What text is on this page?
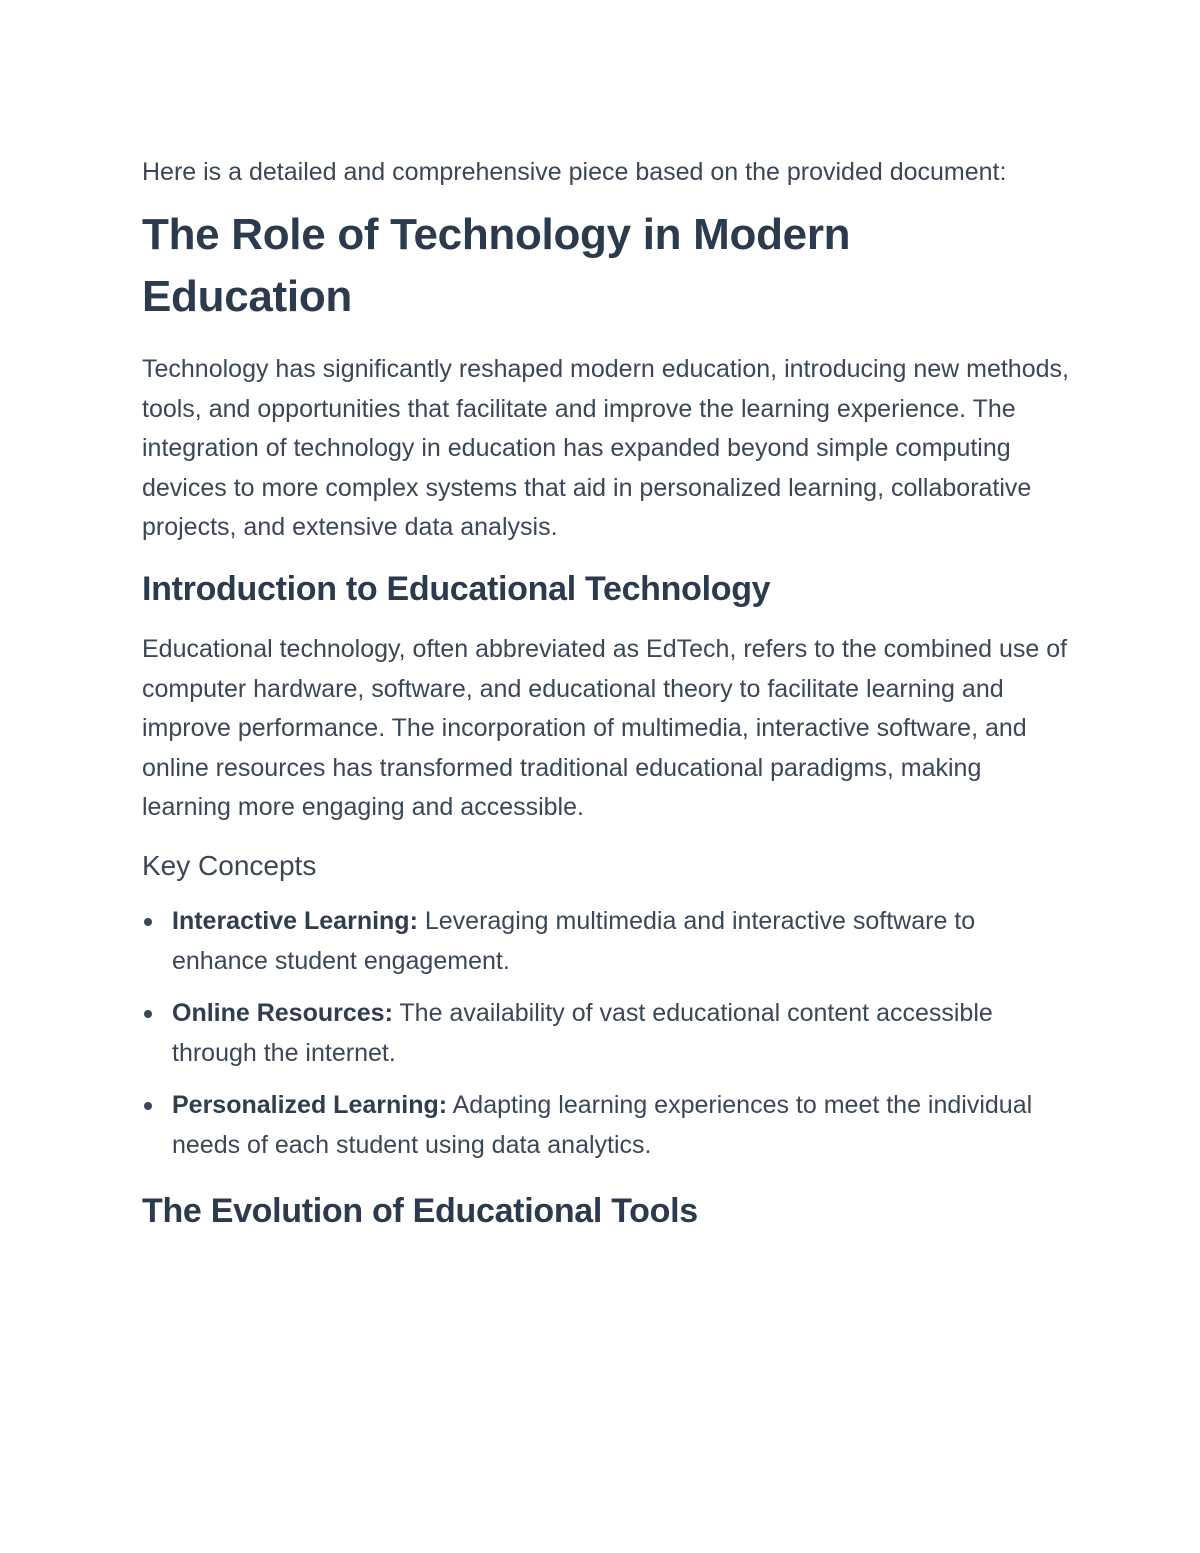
Here is a detailed and comprehensive piece based on the provided document:

The Role of Technology in Modern Education

Technology has significantly reshaped modern education, introducing new methods, tools, and opportunities that facilitate and improve the learning experience. The integration of technology in education has expanded beyond simple computing devices to more complex systems that aid in personalized learning, collaborative projects, and extensive data analysis.

Introduction to Educational Technology

Educational technology, often abbreviated as EdTech, refers to the combined use of computer hardware, software, and educational theory to facilitate learning and improve performance. The incorporation of multimedia, interactive software, and online resources has transformed traditional educational paradigms, making learning more engaging and accessible.

Key Concepts
Interactive Learning: Leveraging multimedia and interactive software to enhance student engagement.
Online Resources: The availability of vast educational content accessible through the internet.
Personalized Learning: Adapting learning experiences to meet the individual needs of each student using data analytics.
The Evolution of Educational Tools
